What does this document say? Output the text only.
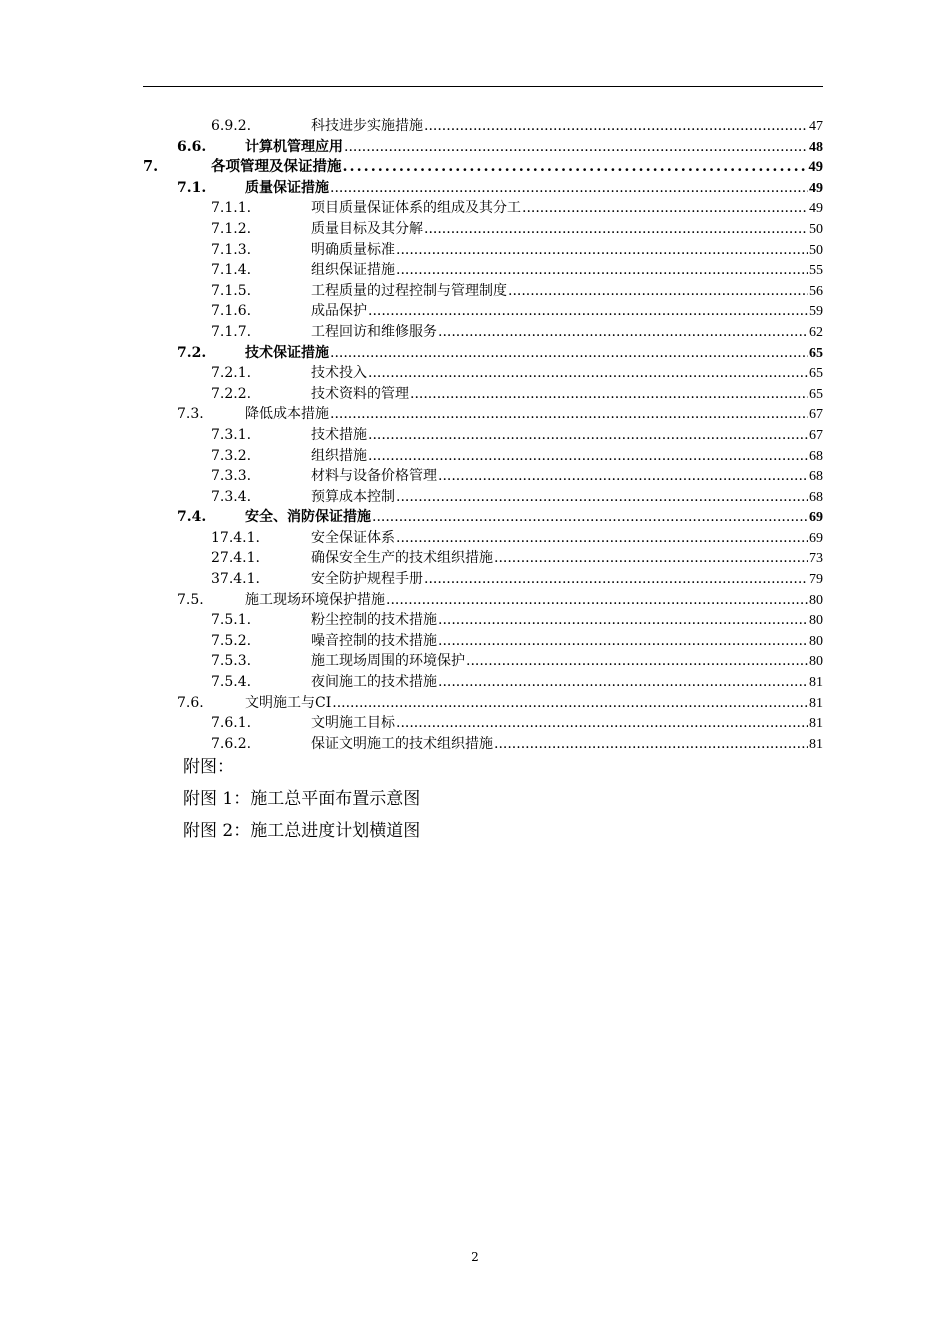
6.9.2.	科技进步实施措施 .....	47
6.6.	计算机管理应用 .....	48
7.	各项管理及保证措施 .....	49
7.1.	质量保证措施 .....	49
7.1.1.	项目质量保证体系的组成及其分工 .....	49
7.1.2.	质量目标及其分解 .....	50
7.1.3.	明确质量标准 .....	50
7.1.4.	组织保证措施 .....	55
7.1.5.	工程质量的过程控制与管理制度 .....	56
7.1.6.	成品保护 .....	59
7.1.7.	工程回访和维修服务 .....	62
7.2.	技术保证措施 .....	65
7.2.1.	技术投入 .....	65
7.2.2.	技术资料的管理 .....	65
7.3.	降低成本措施 .....	67
7.3.1.	技术措施 .....	67
7.3.2.	组织措施 .....	68
7.3.3.	材料与设备价格管理 .....	68
7.3.4.	预算成本控制 .....	68
7.4.	安全、消防保证措施 .....	69
17.4.1.	安全保证体系 .....	69
27.4.1.	确保安全生产的技术组织措施 .....	73
37.4.1.	安全防护规程手册 .....	79
7.5.	施工现场环境保护措施 .....	80
7.5.1.	粉尘控制的技术措施 .....	80
7.5.2.	噪音控制的技术措施 .....	80
7.5.3.	施工现场周围的环境保护 .....	80
7.5.4.	夜间施工的技术措施 .....	81
7.6.	文明施工与CI .....	81
7.6.1.	文明施工目标 .....	81
7.6.2.	保证文明施工的技术组织措施 .....	81
附图：
附图 1：施工总平面布置示意图
附图 2：施工总进度计划横道图
2
